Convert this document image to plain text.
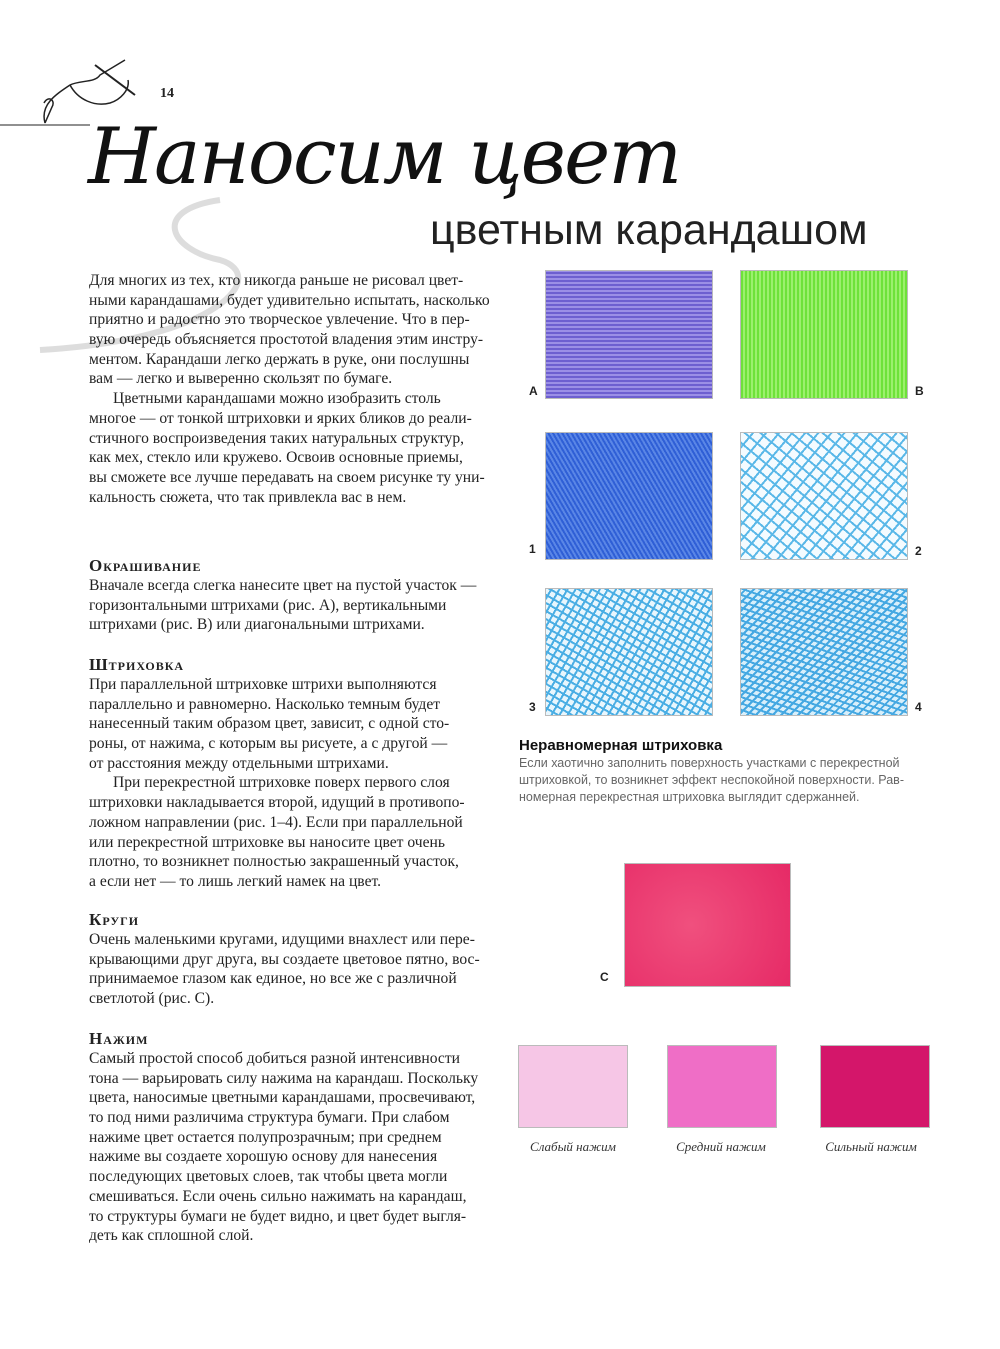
14
Наносим цвет
цветным карандашом
Для многих из тех, кто никогда раньше не рисовал цвет-
ными карандашами, будет удивительно испытать, насколько
приятно и радостно это творческое увлечение. Что в пер-
вую очередь объясняется простотой владения этим инстру-
ментом. Карандаши легко держать в руке, они послушны
вам — легко и выверенно скользят по бумаге.
Цветными карандашами можно изобразить столь
многое — от тонкой штриховки и ярких бликов до реали-
стичного воспроизведения таких натуральных структур,
как мех, стекло или кружево. Освоив основные приемы,
вы сможете все лучше передавать на своем рисунке ту уни-
кальность сюжета, что так привлекла вас в нем.
Окрашивание
Вначале всегда слегка нанесите цвет на пустой участок —
горизонтальными штрихами (рис. A), вертикальными
штрихами (рис. B) или диагональными штрихами.
Штриховка
При параллельной штриховке штрихи выполняются
параллельно и равномерно. Насколько темным будет
нанесенный таким образом цвет, зависит, с одной сто-
роны, от нажима, с которым вы рисуете, а с другой —
от расстояния между отдельными штрихами.
При перекрестной штриховке поверх первого слоя
штриховки накладывается второй, идущий в противопо-
ложном направлении (рис. 1–4). Если при параллельной
или перекрестной штриховке вы наносите цвет очень
плотно, то возникнет полностью закрашенный участок,
а если нет — то лишь легкий намек на цвет.
Круги
Очень маленькими кругами, идущими внахлест или пере-
крывающими друг друга, вы создаете цветовое пятно, вос-
принимаемое глазом как единое, но все же с различной
светлотой (рис. C).
Нажим
Самый простой способ добиться разной интенсивности
тона — варьировать силу нажима на карандаш. Поскольку
цвета, наносимые цветными карандашами, просвечивают,
то под ними различима структура бумаги. При слабом
нажиме цвет остается полупрозрачным; при среднем
нажиме вы создаете хорошую основу для нанесения
последующих цветовых слоев, так чтобы цвета могли
смешиваться. Если очень сильно нажимать на карандаш,
то структуры бумаги не будет видно, и цвет будет выгля-
деть как сплошной слой.
A	B
1	2
3	4
Неравномерная штриховка
Если хаотично заполнить поверхность участками с перекрестной
штриховкой, то возникнет эффект неспокойной поверхности. Рав-
номерная перекрестная штриховка выглядит сдержанней.
C
Слабый нажим	Средний нажим	Сильный нажим
